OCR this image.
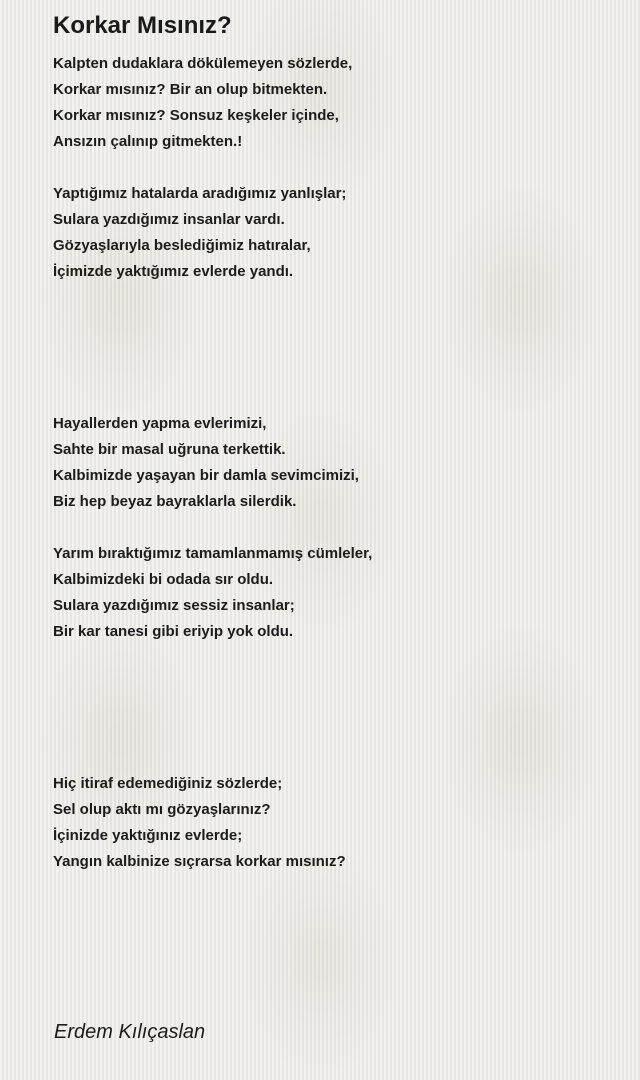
Korkar Mısınız?
Kalpten dudaklara dökülemeyen sözlerde,
Korkar mısınız? Bir an olup bitmekten.
Korkar mısınız? Sonsuz keşkeler içinde,
Ansızın çalınıp gitmekten.!
Yaptığımız hatalarda aradığımız yanlışlar;
Sulara yazdığımız insanlar vardı.
Gözyaşlarıyla beslediğimiz hatıralar,
İçimizde yaktığımız evlerde yandı.
Hayallerden yapma evlerimizi,
Sahte bir masal uğruna terkettik.
Kalbimizde yaşayan bir damla sevimcimizi,
Biz hep beyaz bayraklarla silerdik.
Yarım bıraktığımız tamamlanmamış cümleler,
Kalbimizdeki bi odada sır oldu.
Sulara yazdığımız sessiz insanlar;
Bir kar tanesi gibi eriyip yok oldu.
Hiç itiraf edemediğiniz sözlerde;
Sel olup aktı mı gözyaşlarınız?
İçinizde yaktığınız evlerde;
Yangın kalbinize sıçrarsa korkar mısınız?

Erdem Kılıçaslan
